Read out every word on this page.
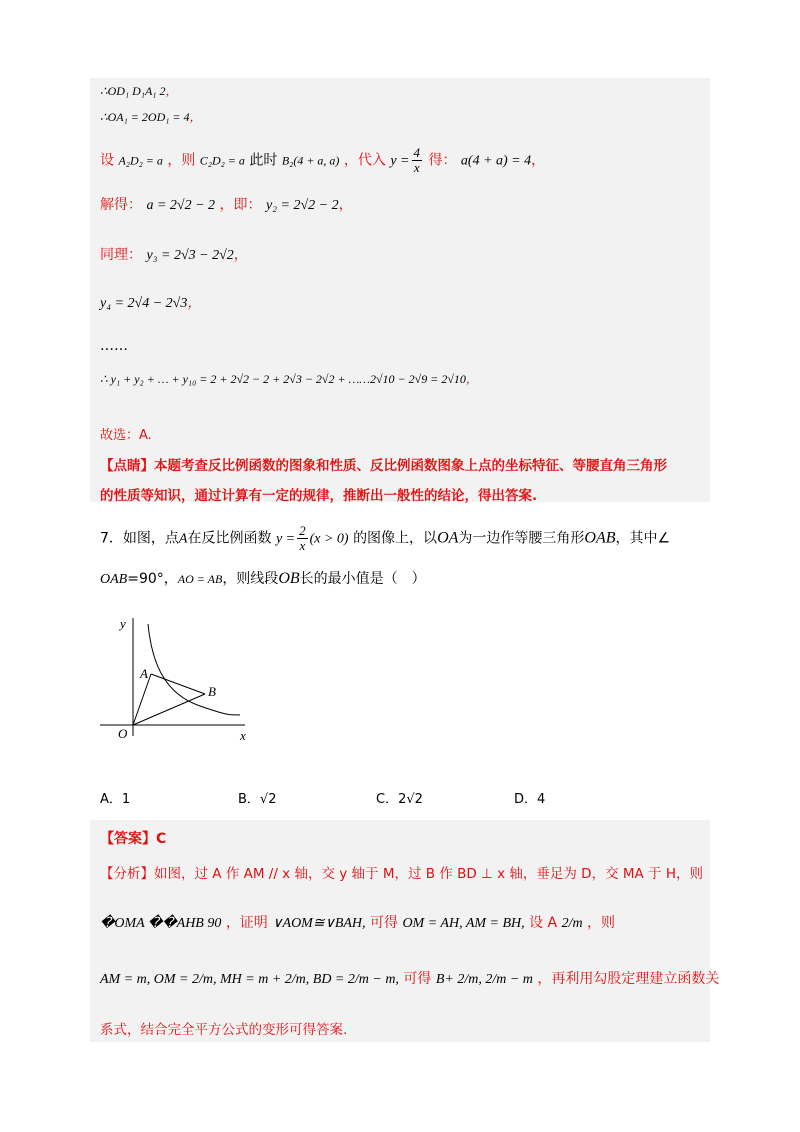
∴OD₁ D₁A₁ 2，
∴OA₁ = 2OD₁ = 4，
设 A₂D₂ = a ，则 C₂D₂ = a 此时 B₂(4 + a, a) ，代入 $y = \frac{4}{x}$ 得： a(4 + a) = 4，
解得： a = 2√2 − 2 ，即： y₂ = 2√2 − 2，
同理： y₃ = 2√3 − 2√2，
y₄ = 2√4 − 2√3，
……
∴ y₁ + y₂ + … + y₁₀ = 2 + 2√2 − 2 + 2√3 − 2√2 + ……2√10 − 2√9 = 2√10，
故选：A.
【点睛】本题考查反比例函数的图象和性质、反比例函数图象上点的坐标特征、等腰直角三角形
的性质等知识，通过计算有一定的规律，推断出一般性的结论，得出答案.
7．如图，点A在反比例函数 $y = \frac{2}{x} (x > 0)$ 的图像上，以OA为一边作等腰三角形OAB，其中∠
OAB=90°，AO = AB，则线段OB长的最小值是（　）
y
x
O
A
B
A．1	B．√2	C．2√2	D．4
【答案】C
【分析】如图，过 A 作 AM // x 轴，交 y 轴于 M，过 B 作 BD ⊥ x 轴，垂足为 D，交 MA 于 H，则
�OMA ��AHB 90 ，证明 ∨AOM≅∨BAH, 可得 OM = AH, AM = BH, 设 A 2/m ，则
AM = m, OM = 2/m, MH = m + 2/m, BD = 2/m − m, 可得 B+ 2/m, 2/m − m ，再利用勾股定理建立函数关
系式，结合完全平方公式的变形可得答案.
